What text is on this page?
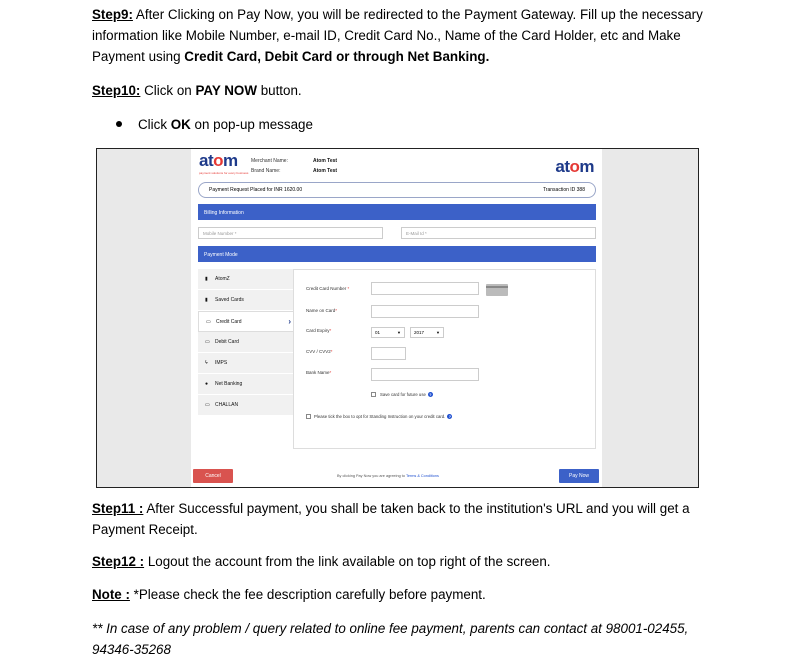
Step9: After Clicking on Pay Now, you will be redirected to the Payment Gateway. Fill up the necessary
information like Mobile Number, e-mail ID, Credit Card No., Name of the Card Holder, etc and Make
Payment using Credit Card, Debit Card or through Net Banking.
Step10: Click on PAY NOW button.
Click OK on pop-up message
atom
payment solutions for every business
Merchant Name:	Atom Test
Brand Name:	Atom Test	atom
Payment Request Placed for INR 1620.00	Transaction ID 388
Billing Information
Mobile Number *	E-Mail Id *
Payment Mode
▮ AtomZ
▮ Saved Cards
▭ Credit Card	›
▭ Debit Card
ϟ IMPS
● Net Banking
▭ CHALLAN
Credit Card Number *
Name on Card*
Card Expiry*	01	▼	2017	▼
CVV / CVV2*
Bank Name*
Save card for future use ?
Please tick the box to opt for Standing Instruction on your credit card. ?
Cancel	By clicking Pay Now you are agreeing to Terms & Conditions	Pay Now
Step11 : After Successful payment, you shall be taken back to the institution's URL and you will get a
Payment Receipt.
Step12 : Logout the account from the link available on top right of the screen.
Note : *Please check the fee description carefully before payment.
** In case of any problem / query related to online fee payment, parents can contact at 98001-02455,
94346-35268
